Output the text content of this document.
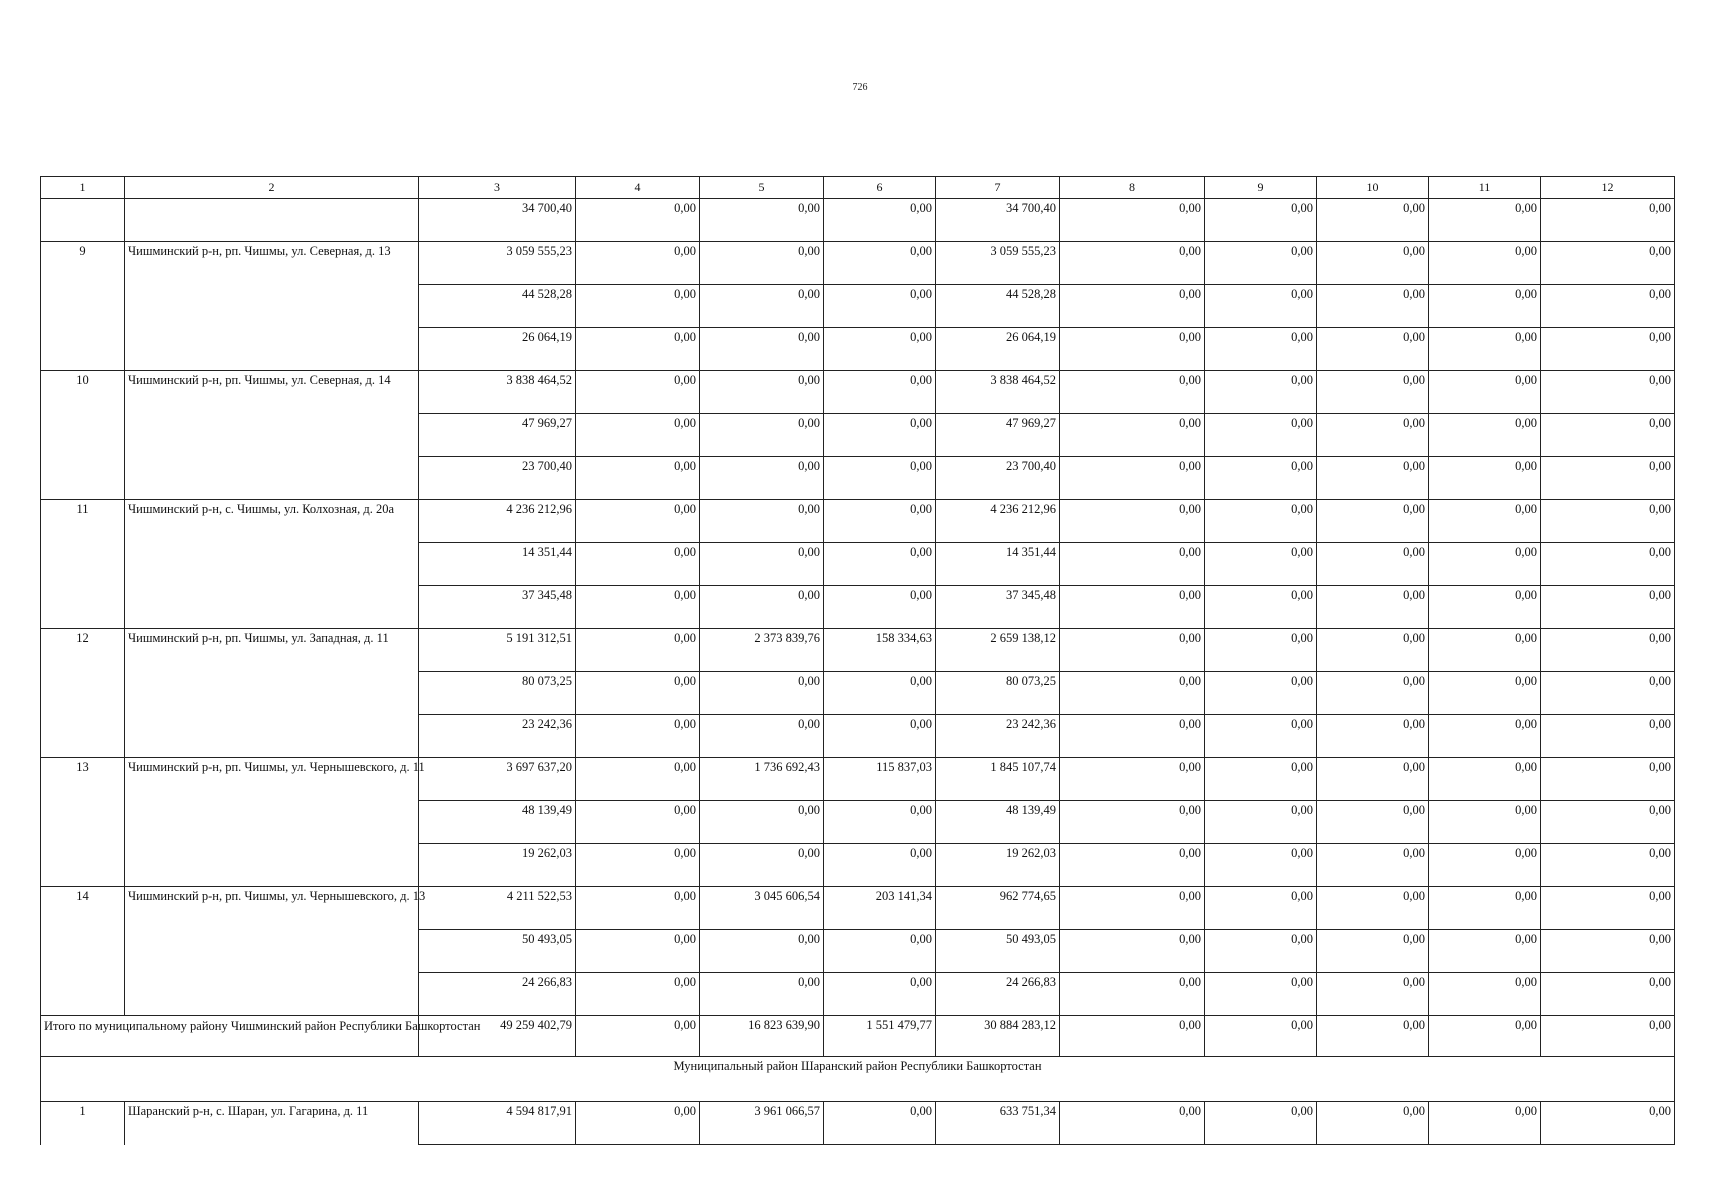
726
1	2	3	4	5	6	7	8	9	10	11	12
		34 700,40	0,00	0,00	0,00	34 700,40	0,00	0,00	0,00	0,00	0,00
9	Чишминский р-н, рп. Чишмы, ул. Северная, д. 13	3 059 555,23	0,00	0,00	0,00	3 059 555,23	0,00	0,00	0,00	0,00	0,00
		44 528,28	0,00	0,00	0,00	44 528,28	0,00	0,00	0,00	0,00	0,00
		26 064,19	0,00	0,00	0,00	26 064,19	0,00	0,00	0,00	0,00	0,00
10	Чишминский р-н, рп. Чишмы, ул. Северная, д. 14	3 838 464,52	0,00	0,00	0,00	3 838 464,52	0,00	0,00	0,00	0,00	0,00
		47 969,27	0,00	0,00	0,00	47 969,27	0,00	0,00	0,00	0,00	0,00
		23 700,40	0,00	0,00	0,00	23 700,40	0,00	0,00	0,00	0,00	0,00
11	Чишминский р-н, с. Чишмы, ул. Колхозная, д. 20а	4 236 212,96	0,00	0,00	0,00	4 236 212,96	0,00	0,00	0,00	0,00	0,00
		14 351,44	0,00	0,00	0,00	14 351,44	0,00	0,00	0,00	0,00	0,00
		37 345,48	0,00	0,00	0,00	37 345,48	0,00	0,00	0,00	0,00	0,00
12	Чишминский р-н, рп. Чишмы, ул. Западная, д. 11	5 191 312,51	0,00	2 373 839,76	158 334,63	2 659 138,12	0,00	0,00	0,00	0,00	0,00
		80 073,25	0,00	0,00	0,00	80 073,25	0,00	0,00	0,00	0,00	0,00
		23 242,36	0,00	0,00	0,00	23 242,36	0,00	0,00	0,00	0,00	0,00
13	Чишминский р-н, рп. Чишмы, ул. Чернышевского, д. 11	3 697 637,20	0,00	1 736 692,43	115 837,03	1 845 107,74	0,00	0,00	0,00	0,00	0,00
		48 139,49	0,00	0,00	0,00	48 139,49	0,00	0,00	0,00	0,00	0,00
		19 262,03	0,00	0,00	0,00	19 262,03	0,00	0,00	0,00	0,00	0,00
14	Чишминский р-н, рп. Чишмы, ул. Чернышевского, д. 13	4 211 522,53	0,00	3 045 606,54	203 141,34	962 774,65	0,00	0,00	0,00	0,00	0,00
		50 493,05	0,00	0,00	0,00	50 493,05	0,00	0,00	0,00	0,00	0,00
		24 266,83	0,00	0,00	0,00	24 266,83	0,00	0,00	0,00	0,00	0,00
Итого по муниципальному району Чишминский район Республики Башкортостан		49 259 402,79	0,00	16 823 639,90	1 551 479,77	30 884 283,12	0,00	0,00	0,00	0,00	0,00
Муниципальный район Шаранский район Республики Башкортостан											
1	Шаранский р-н, с. Шаран, ул. Гагарина, д. 11	4 594 817,91	0,00	3 961 066,57	0,00	633 751,34	0,00	0,00	0,00	0,00	0,00
